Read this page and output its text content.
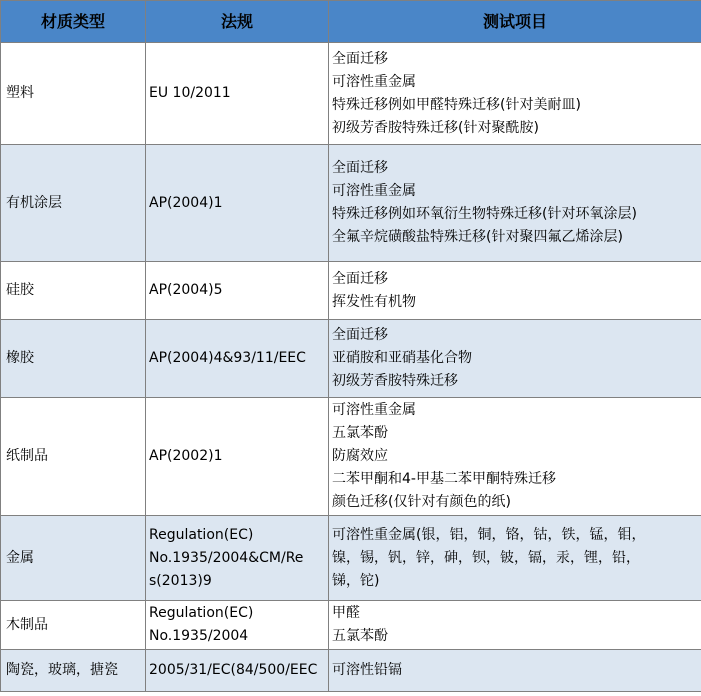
材质类型	法规	测试项目
塑料	EU 10/2011	全面迁移
可溶性重金属
特殊迁移例如甲醛特殊迁移(针对美耐皿)
初级芳香胺特殊迁移(针对聚酰胺)

有机涂层	AP(2004)1	全面迁移
可溶性重金属
特殊迁移例如环氧衍生物特殊迁移(针对环氧涂层)
全氟辛烷磺酸盐特殊迁移(针对聚四氟乙烯涂层)

硅胶	AP(2004)5	全面迁移
挥发性有机物

橡胶	AP(2004)4&93/11/EEC	全面迁移
亚硝胺和亚硝基化合物
初级芳香胺特殊迁移

纸制品	AP(2002)1	可溶性重金属
五氯苯酚
防腐效应
二苯甲酮和4-甲基二苯甲酮特殊迁移
颜色迁移(仅针对有颜色的纸)

金属	Regulation(EC)
No.1935/2004&CM/Re
s(2013)9	可溶性重金属(银，铝，铜，铬，钴，铁，锰，钼，
镍，锡，钒，锌，砷，钡，铍，镉，汞，锂，铅，
锑，铊)

木制品	Regulation(EC)
No.1935/2004	甲醛
五氯苯酚

陶瓷，玻璃，搪瓷	2005/31/EC(84/500/EEC	可溶性铅镉
